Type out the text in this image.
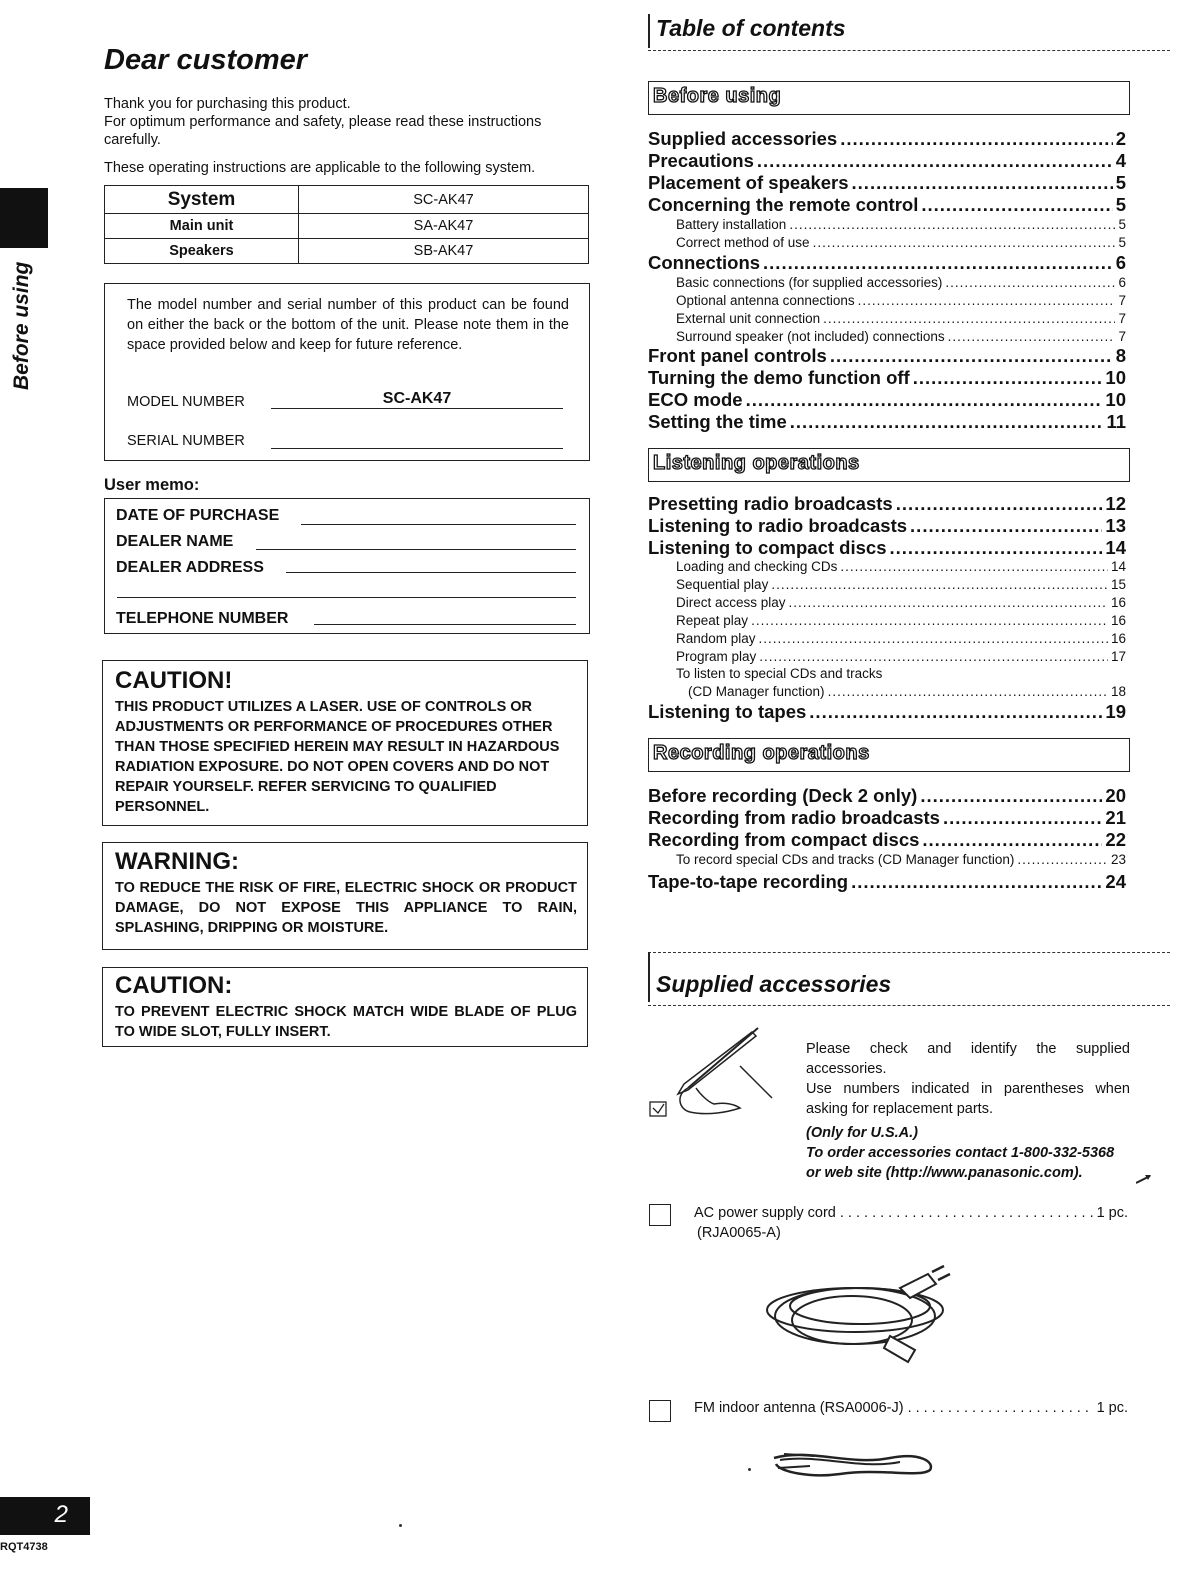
Before using
2
RQT4738
Dear customer

Thank you for purchasing this product.
For optimum performance and safety, please read these instructions carefully.

These operating instructions are applicable to the following system.

System	SC-AK47
Main unit	SA-AK47
Speakers	SB-AK47
The model number and serial number of this product can be found on either the back or the bottom of the unit. Please note them in the space provided below and keep for future reference.
MODEL NUMBER	SC-AK47
SERIAL NUMBER
User memo:
DATE OF PURCHASE
DEALER NAME
DEALER ADDRESS
TELEPHONE NUMBER
CAUTION!
THIS PRODUCT UTILIZES A LASER. USE OF CONTROLS OR ADJUSTMENTS OR PERFORMANCE OF PROCEDURES OTHER THAN THOSE SPECIFIED HEREIN MAY RESULT IN HAZARDOUS RADIATION EXPOSURE. DO NOT OPEN COVERS AND DO NOT REPAIR YOURSELF. REFER SERVICING TO QUALIFIED PERSONNEL.
WARNING:
TO REDUCE THE RISK OF FIRE, ELECTRIC SHOCK OR PRODUCT DAMAGE, DO NOT EXPOSE THIS APPLIANCE TO RAIN, SPLASHING, DRIPPING OR MOISTURE.
CAUTION:
TO PREVENT ELECTRIC SHOCK MATCH WIDE BLADE OF PLUG TO WIDE SLOT, FULLY INSERT.
Table of contents
Before using
Supplied accessories .....	2
Precautions .....	4
Placement of speakers .....	5
Concerning the remote control .....	5
Battery installation .....	5
Correct method of use .....	5
Connections .....	6
Basic connections (for supplied accessories) .....	6
Optional antenna connections .....	7
External unit connection .....	7
Surround speaker (not included) connections .....	7
Front panel controls .....	8
Turning the demo function off .....	10
ECO mode .....	10
Setting the time .....	11
Listening operations
Presetting radio broadcasts .....	12
Listening to radio broadcasts .....	13
Listening to compact discs .....	14
Loading and checking CDs .....	14
Sequential play .....	15
Direct access play .....	16
Repeat play .....	16
Random play .....	16
Program play .....	17
To listen to special CDs and tracks
(CD Manager function) .....	18
Listening to tapes .....	19
Recording operations
Before recording (Deck 2 only) .....	20
Recording from radio broadcasts .....	21
Recording from compact discs .....	22
To record special CDs and tracks (CD Manager function) .....	23
Tape-to-tape recording .....	24
Supplied accessories
Please check and identify the supplied accessories.
Use numbers indicated in parentheses when asking for replacement parts.
(Only for U.S.A.)
To order accessories contact 1-800-332-5368 or web site (http://www.panasonic.com).
AC power supply cord . . .	1 pc.
(RJA0065-A)
FM indoor antenna (RSA0006-J) . . .	1 pc.
